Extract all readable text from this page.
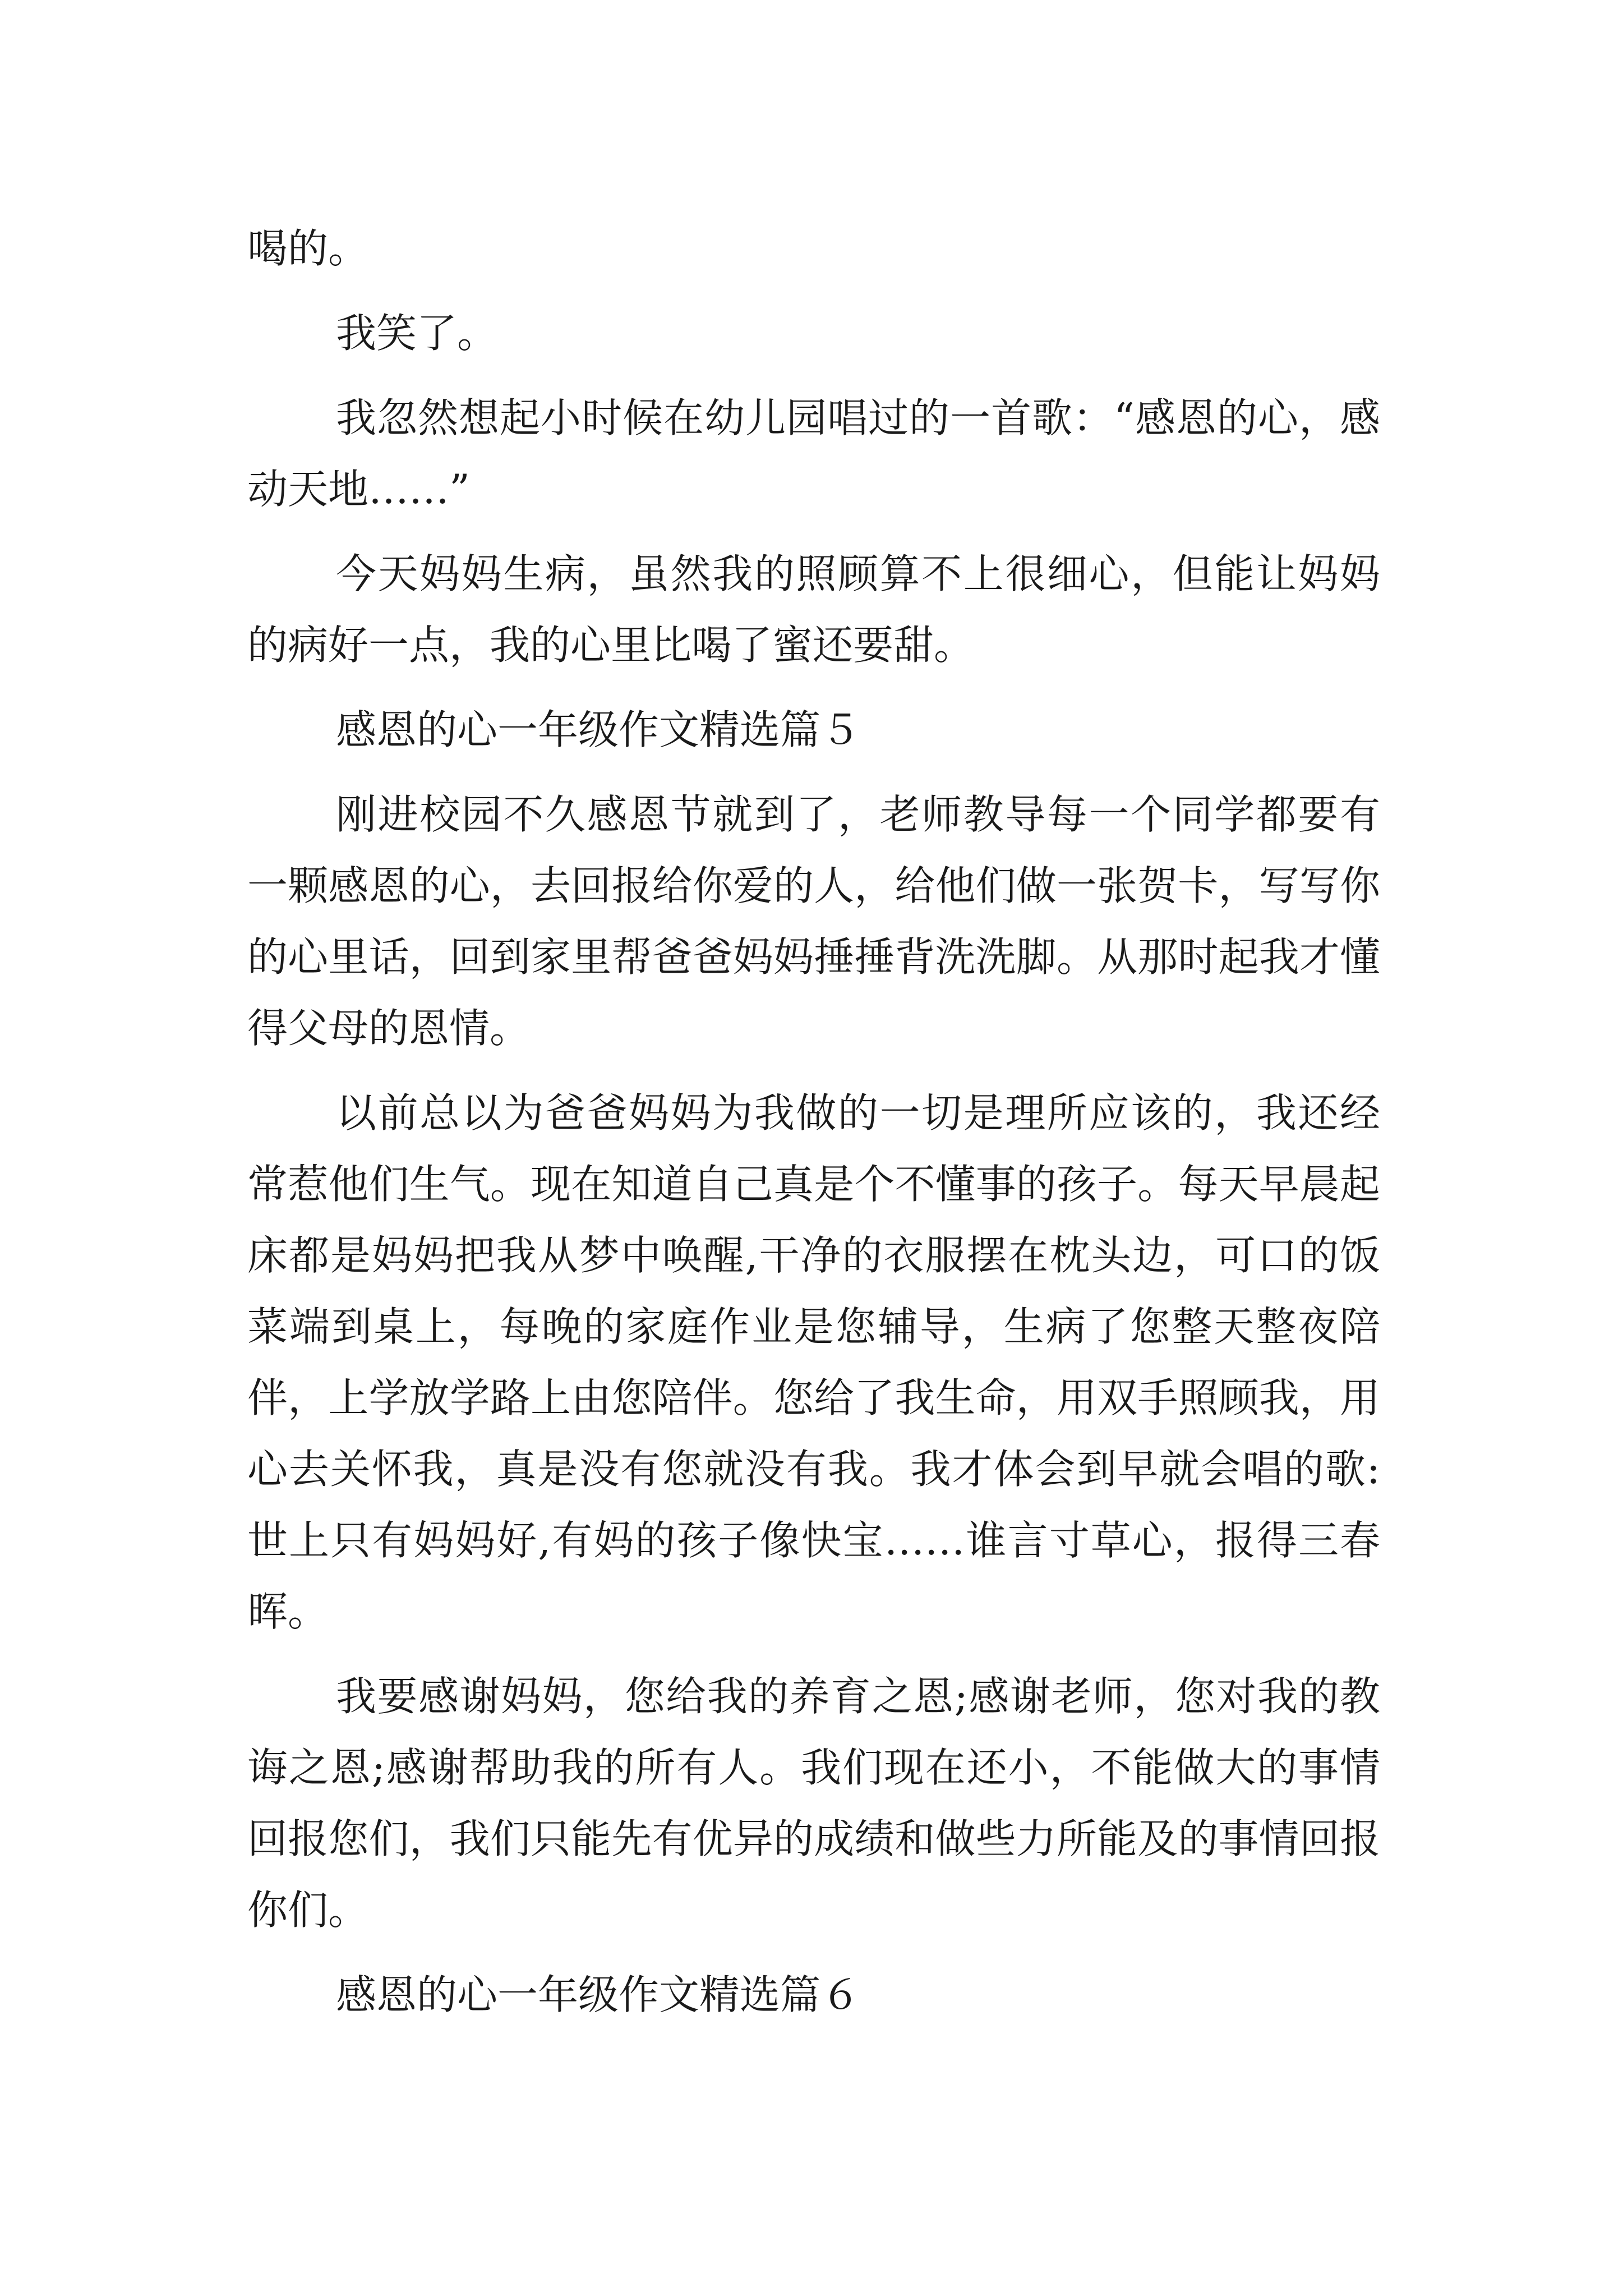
喝的。

我笑了。

我忽然想起小时候在幼儿园唱过的一首歌：“感恩的心，感动天地……”

今天妈妈生病，虽然我的照顾算不上很细心，但能让妈妈的病好一点，我的心里比喝了蜜还要甜。

感恩的心一年级作文精选篇５

刚进校园不久感恩节就到了，老师教导每一个同学都要有一颗感恩的心，去回报给你爱的人，给他们做一张贺卡，写写你的心里话，回到家里帮爸爸妈妈捶捶背洗洗脚。从那时起我才懂得父母的恩情。

以前总以为爸爸妈妈为我做的一切是理所应该的，我还经常惹他们生气。现在知道自己真是个不懂事的孩子。每天早晨起床都是妈妈把我从梦中唤醒,干净的衣服摆在枕头边，可口的饭菜端到桌上，每晚的家庭作业是您辅导，生病了您整天整夜陪伴，上学放学路上由您陪伴。您给了我生命，用双手照顾我，用心去关怀我，真是没有您就没有我。我才体会到早就会唱的歌:世上只有妈妈好,有妈的孩子像快宝……谁言寸草心，报得三春晖。

我要感谢妈妈，您给我的养育之恩;感谢老师，您对我的教诲之恩;感谢帮助我的所有人。我们现在还小，不能做大的事情回报您们，我们只能先有优异的成绩和做些力所能及的事情回报你们。

感恩的心一年级作文精选篇６
